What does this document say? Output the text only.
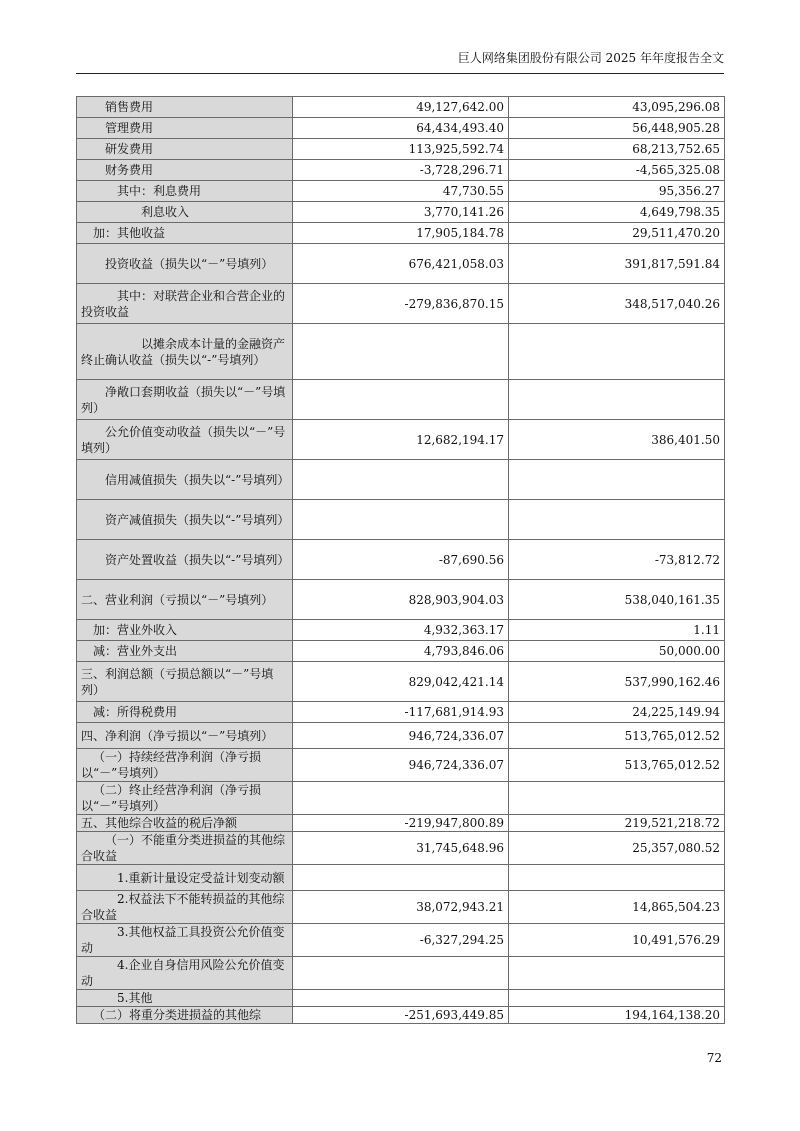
巨人网络集团股份有限公司 2025 年年度报告全文
销售费用	49,127,642.00	43,095,296.08
管理费用	64,434,493.40	56,448,905.28
研发费用	113,925,592.74	68,213,752.65
财务费用	-3,728,296.71	-4,565,325.08
其中：利息费用	47,730.55	95,356.27
利息收入	3,770,141.26	4,649,798.35
加：其他收益	17,905,184.78	29,511,470.20
投资收益（损失以“－”号填列）	676,421,058.03	391,817,591.84
其中：对联营企业和合营企业的投资收益	-279,836,870.15	348,517,040.26
以摊余成本计量的金融资产终止确认收益（损失以“-”号填列）		
净敞口套期收益（损失以“－”号填列）		
公允价值变动收益（损失以“－”号填列）	12,682,194.17	386,401.50
信用减值损失（损失以“-”号填列）		
资产减值损失（损失以“-”号填列）		
资产处置收益（损失以“-”号填列）	-87,690.56	-73,812.72
二、营业利润（亏损以“－”号填列）	828,903,904.03	538,040,161.35
加：营业外收入	4,932,363.17	1.11
减：营业外支出	4,793,846.06	50,000.00
三、利润总额（亏损总额以“－”号填列）	829,042,421.14	537,990,162.46
减：所得税费用	-117,681,914.93	24,225,149.94
四、净利润（净亏损以“－”号填列）	946,724,336.07	513,765,012.52
（一）持续经营净利润（净亏损以“－”号填列）	946,724,336.07	513,765,012.52
（二）终止经营净利润（净亏损以“－”号填列）		
五、其他综合收益的税后净额	-219,947,800.89	219,521,218.72
（一）不能重分类进损益的其他综合收益	31,745,648.96	25,357,080.52
1.重新计量设定受益计划变动额		
2.权益法下不能转损益的其他综合收益	38,072,943.21	14,865,504.23
3.其他权益工具投资公允价值变动	-6,327,294.25	10,491,576.29
4.企业自身信用风险公允价值变动		
5.其他		
（二）将重分类进损益的其他综	-251,693,449.85	194,164,138.20
72
